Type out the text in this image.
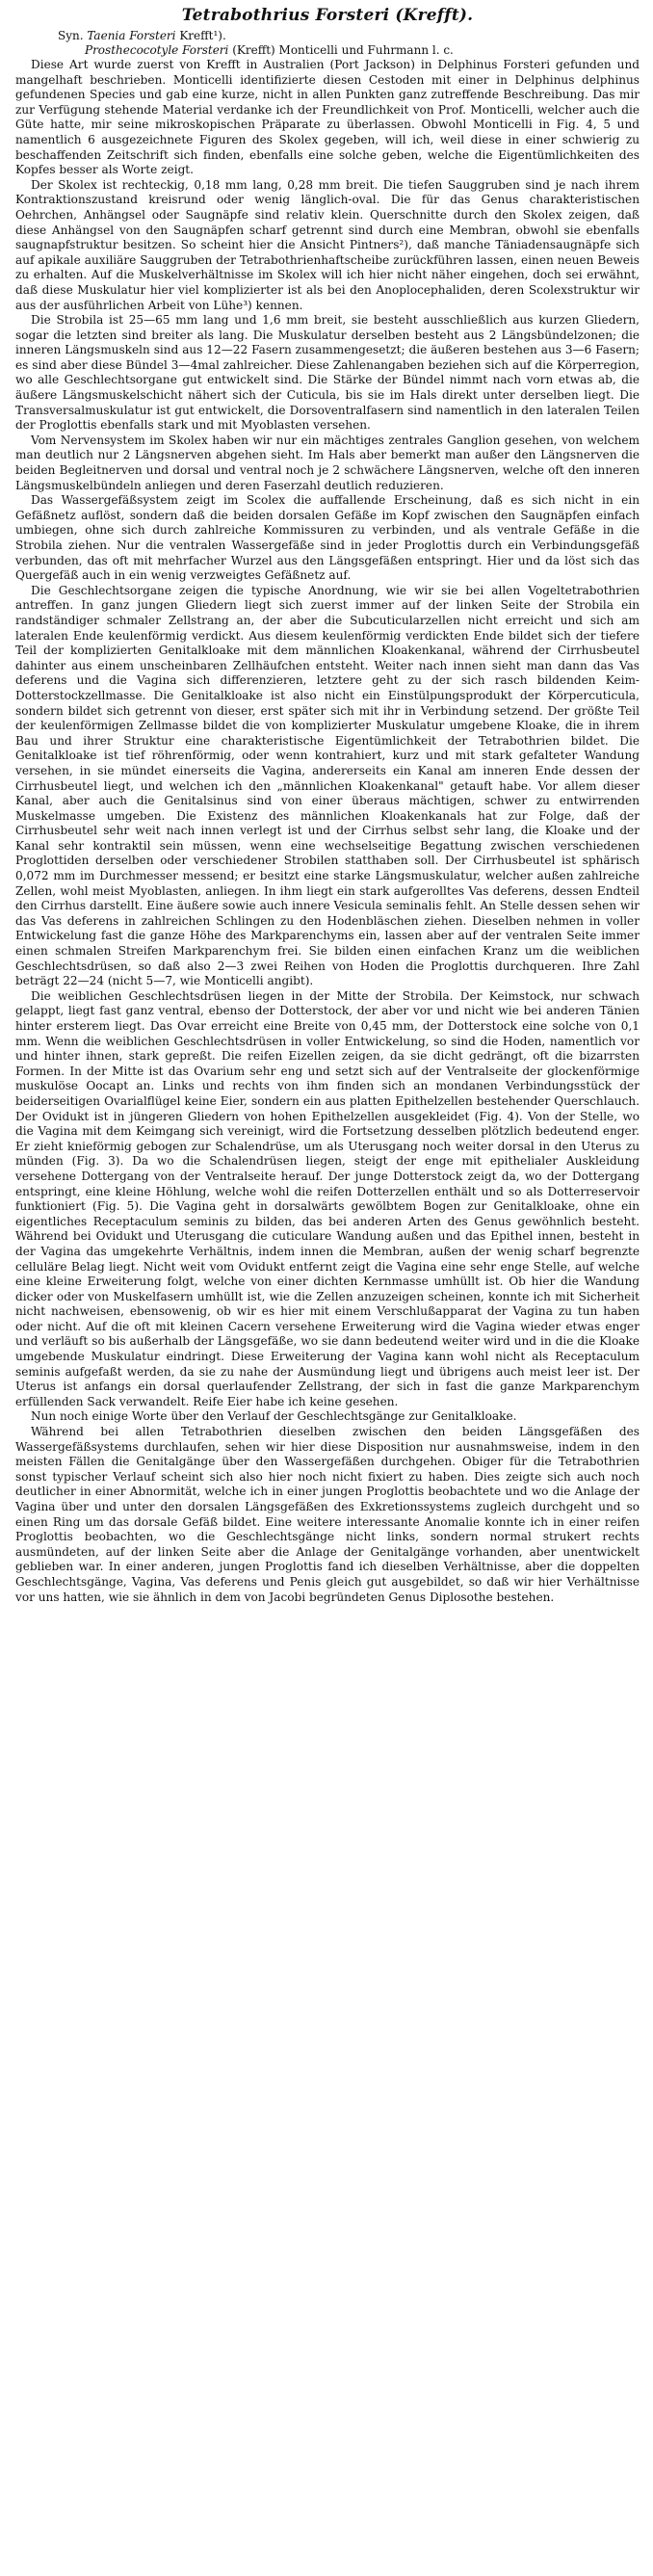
Tetrabothrius Forsteri (Krefft).
Syn. Taenia Forsteri Krefft¹).
Prosthecocotyle Forsteri (Krefft) Monticelli und Fuhrmann l. c.

Diese Art wurde zuerst von Krefft in Australien (Port Jackson) in Delphinus Forsteri gefunden und mangelhaft beschrieben. Monticelli identifizierte diesen Cestoden mit einer in Delphinus delphinus gefundenen Species und gab eine kurze, nicht in allen Punkten ganz zutreffende Beschreibung. Das mir zur Verfügung stehende Material verdanke ich der Freundlichkeit von Prof. Monticelli, welcher auch die Güte hatte, mir seine mikroskopischen Präparate zu überlassen. Obwohl Monticelli in Fig. 4, 5 und namentlich 6 ausgezeichnete Figuren des Skolex gegeben, will ich, weil diese in einer schwierig zu beschaffenden Zeitschrift sich finden, ebenfalls eine solche geben, welche die Eigentümlichkeiten des Kopfes besser als Worte zeigt.

Der Skolex ist rechteckig, 0,18 mm lang, 0,28 mm breit. Die tiefen Sauggruben sind je nach ihrem Kontraktionszustand kreisrund oder wenig länglich-oval. Die für das Genus charakteristischen Oehrchen, Anhängsel oder Saugnäpfe sind relativ klein. Querschnitte durch den Skolex zeigen, daß diese Anhängsel von den Saugnäpfen scharf getrennt sind durch eine Membran, obwohl sie ebenfalls saugnapfstruktur besitzen. So scheint hier die Ansicht Pintners²), daß manche Täniadensaugnäpfe sich auf apikale auxiliäre Sauggruben der Tetrabothrienhaftscheibe zurückführen lassen, einen neuen Beweis zu erhalten. Auf die Muskelverhältnisse im Skolex will ich hier nicht näher eingehen, doch sei erwähnt, daß diese Muskulatur hier viel komplizierter ist als bei den Anoplocephaliden, deren Scolexstruktur wir aus der ausführlichen Arbeit von Lühe³) kennen.

Die Strobila ist 25—65 mm lang und 1,6 mm breit, sie besteht ausschließlich aus kurzen Gliedern, sogar die letzten sind breiter als lang. Die Muskulatur derselben besteht aus 2 Längsbündelzonen; die inneren Längsmuskeln sind aus 12—22 Fasern zusammengesetzt; die äußeren bestehen aus 3—6 Fasern; es sind aber diese Bündel 3—4mal zahlreicher. Diese Zahlenangaben beziehen sich auf die Körperregion, wo alle Geschlechtsorgane gut entwickelt sind. Die Stärke der Bündel nimmt nach vorn etwas ab, die äußere Längsmuskelschicht nähert sich der Cuticula, bis sie im Hals direkt unter derselben liegt. Die Transversalmuskulatur ist gut entwickelt, die Dorsoventralfasern sind namentlich in den lateralen Teilen der Proglottis ebenfalls stark und mit Myoblasten versehen.

Vom Nervensystem im Skolex haben wir nur ein mächtiges zentrales Ganglion gesehen, von welchem man deutlich nur 2 Längsnerven abgehen sieht. Im Hals aber bemerkt man außer den Längsnerven die beiden Begleitnerven und dorsal und ventral noch je 2 schwächere Längsnerven, welche oft den inneren Längsmuskelbündeln anliegen und deren Faserzahl deutlich reduzieren.

Das Wassergefäßsystem zeigt im Scolex die auffallende Erscheinung, daß es sich nicht in ein Gefäßnetz auflöst, sondern daß die beiden dorsalen Gefäße im Kopf zwischen den Saugnäpfen einfach umbiegen, ohne sich durch zahlreiche Kommissuren zu verbinden, und als ventrale Gefäße in die Strobila ziehen. Nur die ventralen Wassergefäße sind in jeder Proglottis durch ein Verbindungsgefäß verbunden, das oft mit mehrfacher Wurzel aus den Längsgefäßen entspringt. Hier und da löst sich das Quergefäß auch in ein wenig verzweigtes Gefäßnetz auf.

Die Geschlechtsorgane zeigen die typische Anordnung, wie wir sie bei allen Vogeltetrabothrien antreffen. In ganz jungen Gliedern liegt sich zuerst immer auf der linken Seite der Strobila ein randständiger schmaler Zellstrang an, der aber die Subcuticularzellen nicht erreicht und sich am lateralen Ende keulenförmig verdickt. Aus diesem keulenförmig verdickten Ende bildet sich der tiefere Teil der komplizierten Genitalkloake mit dem männlichen Kloakenkanal, während der Cirrhusbeutel dahinter aus einem unscheinbaren Zellhäufchen entsteht. Weiter nach innen sieht man dann das Vas deferens und die Vagina sich differenzieren, letztere geht zu der sich rasch bildenden Keim-Dotterstockzellmasse. Die Genitalkloake ist also nicht ein Einstülpungsprodukt der Körpercuticula, sondern bildet sich getrennt von dieser, erst später sich mit ihr in Verbindung setzend. Der größte Teil der keulenförmigen Zellmasse bildet die von komplizierter Muskulatur umgebene Kloake, die in ihrem Bau und ihrer Struktur eine charakteristische Eigentümlichkeit der Tetrabothrien bildet. Die Genitalkloake ist tief röhrenförmig, oder wenn kontrahiert, kurz und mit stark gefalteter Wandung versehen, in sie mündet einerseits die Vagina, andererseits ein Kanal am inneren Ende dessen der Cirrhusbeutel liegt, und welchen ich den „männlichen Kloakenkanal" getauft habe. Vor allem dieser Kanal, aber auch die Genitalsinus sind von einer überaus mächtigen, schwer zu entwirrenden Muskelmasse umgeben. Die Existenz des männlichen Kloakenkanals hat zur Folge, daß der Cirrhusbeutel sehr weit nach innen verlegt ist und der Cirrhus selbst sehr lang, die Kloake und der Kanal sehr kontraktil sein müssen, wenn eine wechselseitige Begattung zwischen verschiedenen Proglottiden derselben oder verschiedener Strobilen statthaben soll. Der Cirrhusbeutel ist sphärisch 0,072 mm im Durchmesser messend; er besitzt eine starke Längsmuskulatur, welcher außen zahlreiche Zellen, wohl meist Myoblasten, anliegen. In ihm liegt ein stark aufgerolltes Vas deferens, dessen Endteil den Cirrhus darstellt. Eine äußere sowie auch innere Vesicula seminalis fehlt. An Stelle dessen sehen wir das Vas deferens in zahlreichen Schlingen zu den Hodenbläschen ziehen. Dieselben nehmen in voller Entwickelung fast die ganze Höhe des Markparenchyms ein, lassen aber auf der ventralen Seite immer einen schmalen Streifen Markparenchym frei. Sie bilden einen einfachen Kranz um die weiblichen Geschlechtsdrüsen, so daß also 2—3 zwei Reihen von Hoden die Proglottis durchqueren. Ihre Zahl beträgt 22—24 (nicht 5—7, wie Monticelli angibt).

Die weiblichen Geschlechtsdrüsen liegen in der Mitte der Strobila. Der Keimstock, nur schwach gelappt, liegt fast ganz ventral, ebenso der Dotterstock, der aber vor und nicht wie bei anderen Tänien hinter ersterem liegt. Das Ovar erreicht eine Breite von 0,45 mm, der Dotterstock eine solche von 0,1 mm. Wenn die weiblichen Geschlechtsdrüsen in voller Entwickelung, so sind die Hoden, namentlich vor und hinter ihnen, stark gepreßt. Die reifen Eizellen zeigen, da sie dicht gedrängt, oft die bizarrsten Formen. In der Mitte ist das Ovarium sehr eng und setzt sich auf der Ventralseite der glockenförmige muskulöse Oocapt an. Links und rechts von ihm finden sich an mondanen Verbindungsstück der beiderseitigen Ovarialflügel keine Eier, sondern ein aus platten Epithelzellen bestehender Querschlauch. Der Ovidukt ist in jüngeren Gliedern von hohen Epithelzellen ausgekleidet (Fig. 4). Von der Stelle, wo die Vagina mit dem Keimgang sich vereinigt, wird die Fortsetzung desselben plötzlich bedeutend enger. Er zieht knieförmig gebogen zur Schalendrüse, um als Uterusgang noch weiter dorsal in den Uterus zu münden (Fig. 3). Da wo die Schalendrüsen liegen, steigt der enge mit epithelialer Auskleidung versehene Dottergang von der Ventralseite herauf. Der junge Dotterstock zeigt da, wo der Dottergang entspringt, eine kleine Höhlung, welche wohl die reifen Dotterzellen enthält und so als Dotterreservoir funktioniert (Fig. 5). Die Vagina geht in dorsalwärts gewölbtem Bogen zur Genitalkloake, ohne ein eigentliches Receptaculum seminis zu bilden, das bei anderen Arten des Genus gewöhnlich besteht. Während bei Ovidukt und Uterusgang die cuticulare Wandung außen und das Epithel innen, besteht in der Vagina das umgekehrte Verhältnis, indem innen die Membran, außen der wenig scharf begrenzte celluläre Belag liegt. Nicht weit vom Ovidukt entfernt zeigt die Vagina eine sehr enge Stelle, auf welche eine kleine Erweiterung folgt, welche von einer dichten Kernmasse umhüllt ist. Ob hier die Wandung dicker oder von Muskelfasern umhüllt ist, wie die Zellen anzuzeigen scheinen, konnte ich mit Sicherheit nicht nachweisen, ebensowenig, ob wir es hier mit einem Verschlußapparat der Vagina zu tun haben oder nicht. Auf die oft mit kleinen Cacern versehene Erweiterung wird die Vagina wieder etwas enger und verläuft so bis außerhalb der Längsgefäße, wo sie dann bedeutend weiter wird und in die die Kloake umgebende Muskulatur eindringt. Diese Erweiterung der Vagina kann wohl nicht als Receptaculum seminis aufgefaßt werden, da sie zu nahe der Ausmündung liegt und übrigens auch meist leer ist. Der Uterus ist anfangs ein dorsal querlaufender Zellstrang, der sich in fast die ganze Markparenchym erfüllenden Sack verwandelt. Reife Eier habe ich keine gesehen.

Nun noch einige Worte über den Verlauf der Geschlechtsgänge zur Genitalkloake.

Während bei allen Tetrabothrien dieselben zwischen den beiden Längsgefäßen des Wassergefäßsystems durchlaufen, sehen wir hier diese Disposition nur ausnahmsweise, indem in den meisten Fällen die Genitalgänge über den Wassergefäßen durchgehen. Obiger für die Tetrabothrien sonst typischer Verlauf scheint sich also hier noch nicht fixiert zu haben. Dies zeigte sich auch noch deutlicher in einer Abnormität, welche ich in einer jungen Proglottis beobachtete und wo die Anlage der Vagina über und unter den dorsalen Längsgefäßen des Exkretionssystems zugleich durchgeht und so einen Ring um das dorsale Gefäß bildet. Eine weitere interessante Anomalie konnte ich in einer reifen Proglottis beobachten, wo die Geschlechtsgänge nicht links, sondern normal strukert rechts ausmündeten, auf der linken Seite aber die Anlage der Genitalgänge vorhanden, aber unentwickelt geblieben war. In einer anderen, jungen Proglottis fand ich dieselben Verhältnisse, aber die doppelten Geschlechtsgänge, Vagina, Vas deferens und Penis gleich gut ausgebildet, so daß wir hier Verhältnisse vor uns hatten, wie sie ähnlich in dem von Jacobi begründeten Genus Diplosothe bestehen.
